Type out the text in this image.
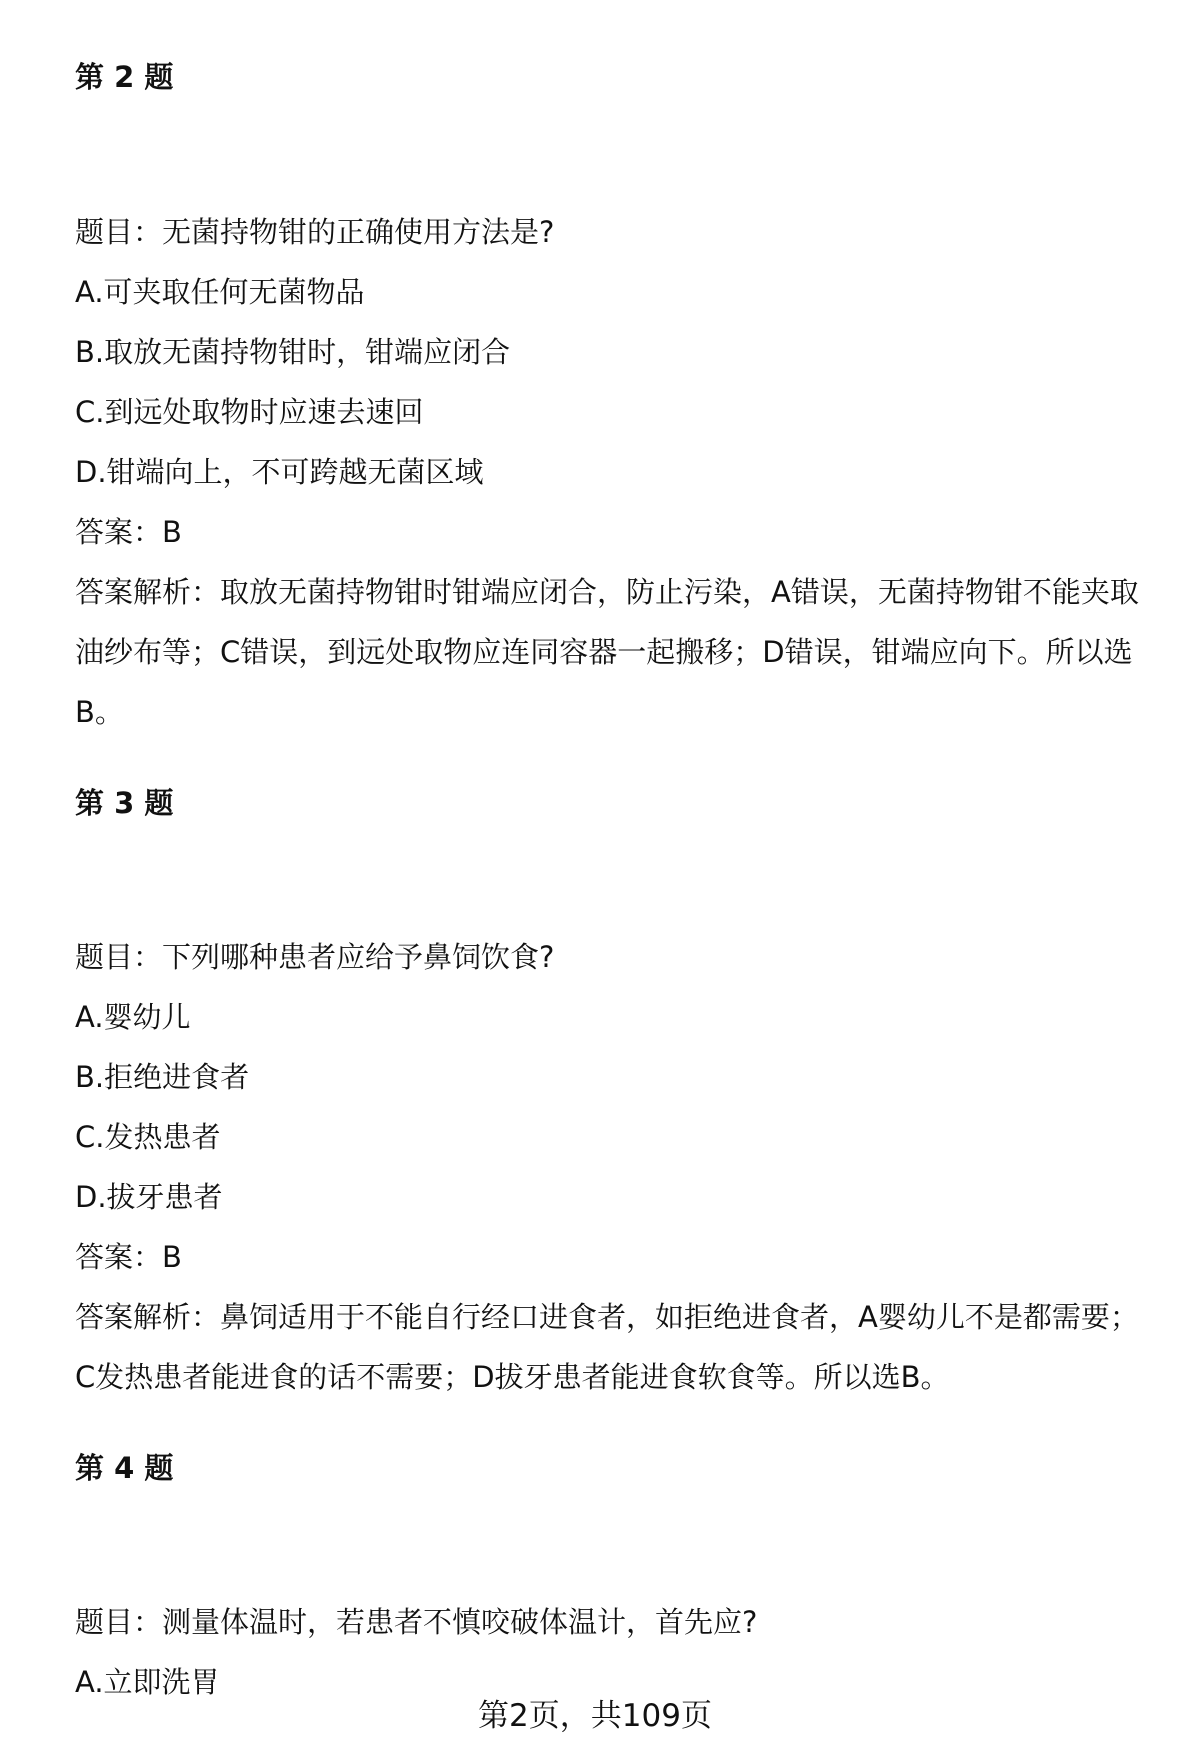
第 2 题
题目：无菌持物钳的正确使用方法是?
A.可夹取任何无菌物品
B.取放无菌持物钳时，钳端应闭合
C.到远处取物时应速去速回
D.钳端向上，不可跨越无菌区域
答案：B
答案解析：取放无菌持物钳时钳端应闭合，防止污染，A错误，无菌持物钳不能夹取油纱布等；C错误，到远处取物应连同容器一起搬移；D错误，钳端应向下。所以选B。
第 3 题
题目：下列哪种患者应给予鼻饲饮食?
A.婴幼儿
B.拒绝进食者
C.发热患者
D.拔牙患者
答案：B
答案解析：鼻饲适用于不能自行经口进食者，如拒绝进食者，A婴幼儿不是都需要；C发热患者能进食的话不需要；D拔牙患者能进食软食等。所以选B。
第 4 题
题目：测量体温时，若患者不慎咬破体温计，首先应?
A.立即洗胃
第2页，共109页
